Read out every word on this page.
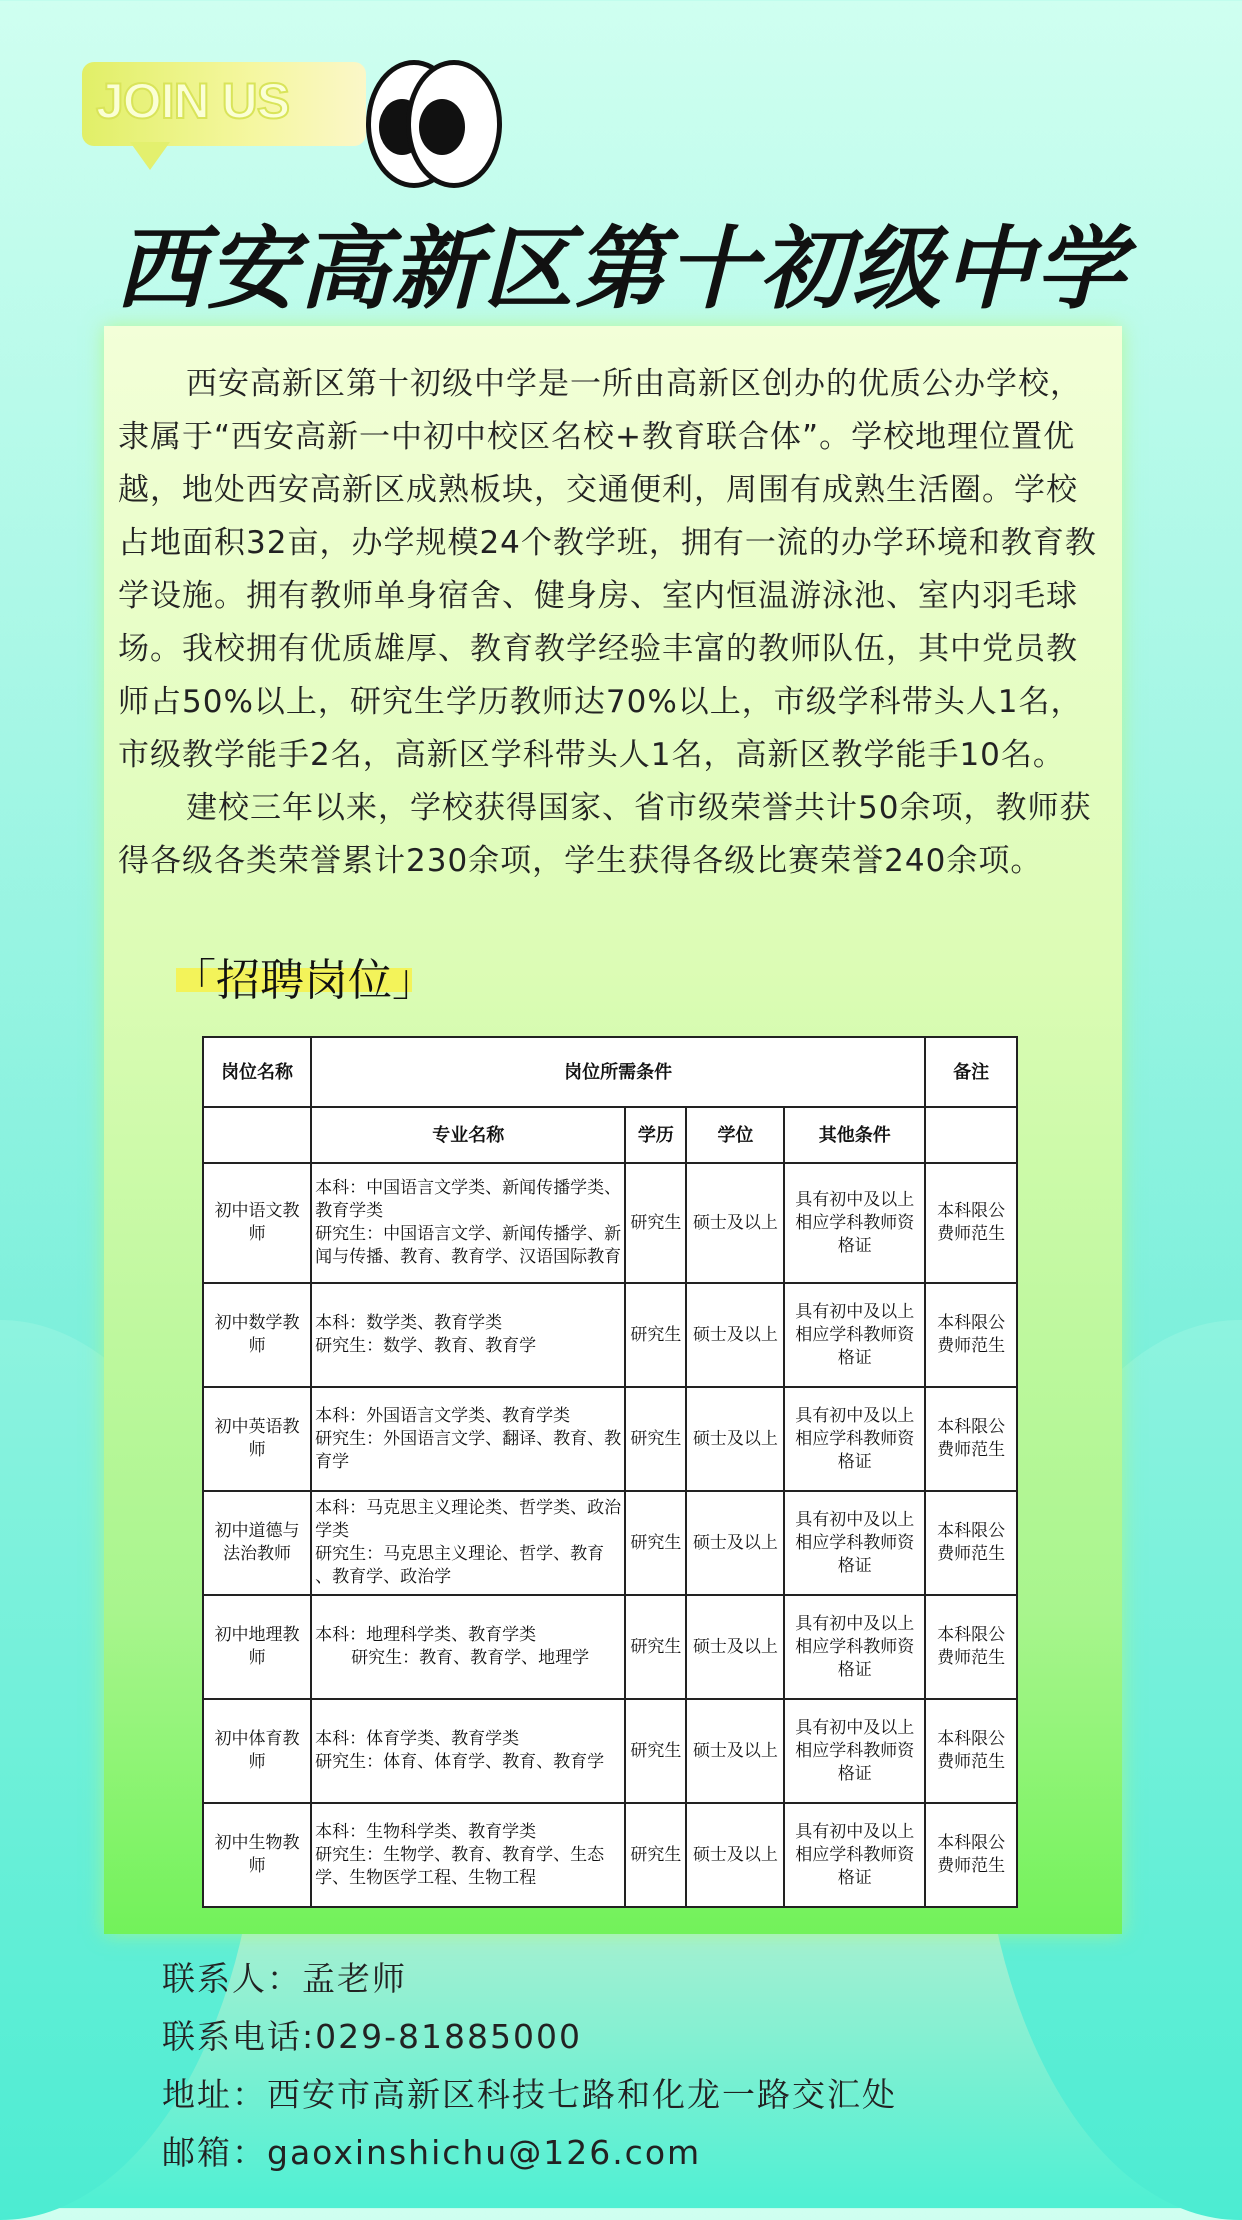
JOIN US
西安高新区第十初级中学

西安高新区第十初级中学是一所由高新区创办的优质公办学校，隶属于“西安高新一中初中校区名校+教育联合体”。学校地理位置优越，地处西安高新区成熟板块，交通便利，周围有成熟生活圈。学校占地面积32亩，办学规模24个教学班，拥有一流的办学环境和教育教学设施。拥有教师单身宿舍、健身房、室内恒温游泳池、室内羽毛球场。我校拥有优质雄厚、教育教学经验丰富的教师队伍，其中党员教师占50%以上，研究生学历教师达70%以上，市级学科带头人1名，市级教学能手2名，高新区学科带头人1名，高新区教学能手10名。

建校三年以来，学校获得国家、省市级荣誉共计50余项，教师获得各级各类荣誉累计230余项，学生获得各级比赛荣誉240余项。

「招聘岗位」
岗位名称	岗位所需条件				备注
	专业名称	学历	学位	其他条件	
初中语文教师	本科：中国语言文学类、新闻传播学类、教育学类
研究生：中国语言文学、新闻传播学、新闻与传播、教育、教育学、汉语国际教育	研究生	硕士及以上	具有初中及以上相应学科教师资格证	本科限公费师范生
初中数学教师	本科：数学类、教育学类
研究生：数学、教育、教育学	研究生	硕士及以上	具有初中及以上相应学科教师资格证	本科限公费师范生
初中英语教师	本科：外国语言文学类、教育学类
研究生：外国语言文学、翻译、教育、教育学	研究生	硕士及以上	具有初中及以上相应学科教师资格证	本科限公费师范生
初中道德与法治教师	本科：马克思主义理论类、哲学类、政治学类
研究生：马克思主义理论、哲学、教育 、教育学、政治学	研究生	硕士及以上	具有初中及以上相应学科教师资格证	本科限公费师范生
初中地理教师	本科：地理科学类、教育学类
研究生：教育、教育学、地理学	研究生	硕士及以上	具有初中及以上相应学科教师资格证	本科限公费师范生
初中体育教师	本科：体育学类、教育学类
研究生：体育、体育学、教育、教育学	研究生	硕士及以上	具有初中及以上相应学科教师资格证	本科限公费师范生
初中生物教师	本科：生物科学类、教育学类
研究生：生物学、教育、教育学、生态学、生物医学工程、生物工程	研究生	硕士及以上	具有初中及以上相应学科教师资格证	本科限公费师范生
联系人：孟老师
联系电话:029-81885000
地址：西安市高新区科技七路和化龙一路交汇处
邮箱：gaoxinshichu@126.com
